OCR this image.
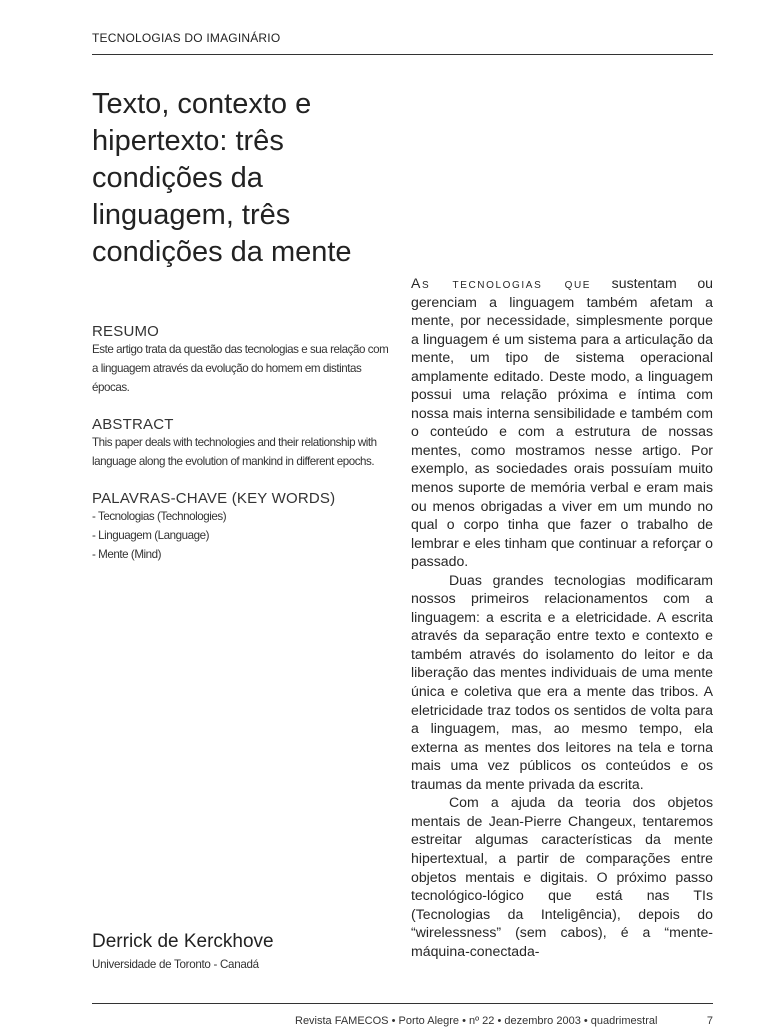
TECNOLOGIAS DO IMAGINÁRIO
Texto, contexto e hipertexto: três condições da linguagem, três condições da mente
RESUMO

Este artigo trata da questão das tecnologias e sua relação com a linguagem através da evolução do homem em distintas épocas.

ABSTRACT

This paper deals with technologies and their relationship with language along the evolution of mankind in different epochs.

PALAVRAS-CHAVE (KEY WORDS)
- Tecnologias (Technologies)
- Linguagem (Language)
- Mente (Mind)
Derrick de Kerckhove
Universidade de Toronto - Canadá

As tecnologias que sustentam ou gerenciam a linguagem também afetam a mente, por necessidade, simplesmente porque a linguagem é um sistema para a articulação da mente, um tipo de sistema operacional amplamente editado. Deste modo, a linguagem possui uma relação próxima e íntima com nossa mais interna sensibilidade e também com o conteúdo e com a estrutura de nossas mentes, como mostramos nesse artigo. Por exemplo, as sociedades orais possuíam muito menos suporte de memória verbal e eram mais ou menos obrigadas a viver em um mundo no qual o corpo tinha que fazer o trabalho de lembrar e eles tinham que continuar a reforçar o passado.

Duas grandes tecnologias modificaram nossos primeiros relacionamentos com a linguagem: a escrita e a eletricidade. A escrita através da separação entre texto e contexto e também através do isolamento do leitor e da liberação das mentes individuais de uma mente única e coletiva que era a mente das tribos. A eletricidade traz todos os sentidos de volta para a linguagem, mas, ao mesmo tempo, ela externa as mentes dos leitores na tela e torna mais uma vez públicos os conteúdos e os traumas da mente privada da escrita.

Com a ajuda da teoria dos objetos mentais de Jean-Pierre Changeux, tentaremos estreitar algumas características da mente hipertextual, a partir de comparações entre objetos mentais e digitais. O próximo passo tecnológico-lógico que está nas TIs (Tecnologias da Inteligência), depois do “wirelessness” (sem cabos), é a “mente-máquina-conectada-

Revista FAMECOS • Porto Alegre • nº 22 • dezembro 2003 • quadrimestral	7
